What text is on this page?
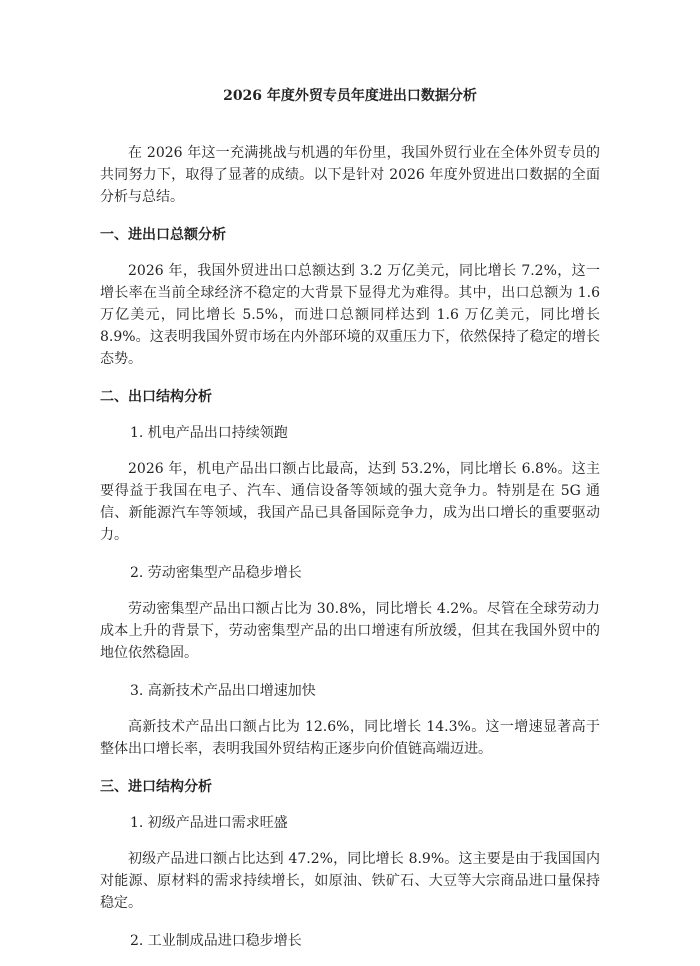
2026 年度外贸专员年度进出口数据分析

在 2026 年这一充满挑战与机遇的年份里，我国外贸行业在全体外贸专员的共同努力下，取得了显著的成绩。以下是针对 2026 年度外贸进出口数据的全面分析与总结。

一、进出口总额分析

2026 年，我国外贸进出口总额达到 3.2 万亿美元，同比增长 7.2%，这一增长率在当前全球经济不稳定的大背景下显得尤为难得。其中，出口总额为 1.6 万亿美元，同比增长 5.5%，而进口总额同样达到 1.6 万亿美元，同比增长 8.9%。这表明我国外贸市场在内外部环境的双重压力下，依然保持了稳定的增长态势。

二、出口结构分析
1. 机电产品出口持续领跑

2026 年，机电产品出口额占比最高，达到 53.2%，同比增长 6.8%。这主要得益于我国在电子、汽车、通信设备等领域的强大竞争力。特别是在 5G 通信、新能源汽车等领域，我国产品已具备国际竞争力，成为出口增长的重要驱动力。

2. 劳动密集型产品稳步增长

劳动密集型产品出口额占比为 30.8%，同比增长 4.2%。尽管在全球劳动力成本上升的背景下，劳动密集型产品的出口增速有所放缓，但其在我国外贸中的地位依然稳固。

3. 高新技术产品出口增速加快

高新技术产品出口额占比为 12.6%，同比增长 14.3%。这一增速显著高于整体出口增长率，表明我国外贸结构正逐步向价值链高端迈进。

三、进口结构分析
1. 初级产品进口需求旺盛

初级产品进口额占比达到 47.2%，同比增长 8.9%。这主要是由于我国国内对能源、原材料的需求持续增长，如原油、铁矿石、大豆等大宗商品进口量保持稳定。

2. 工业制成品进口稳步增长
